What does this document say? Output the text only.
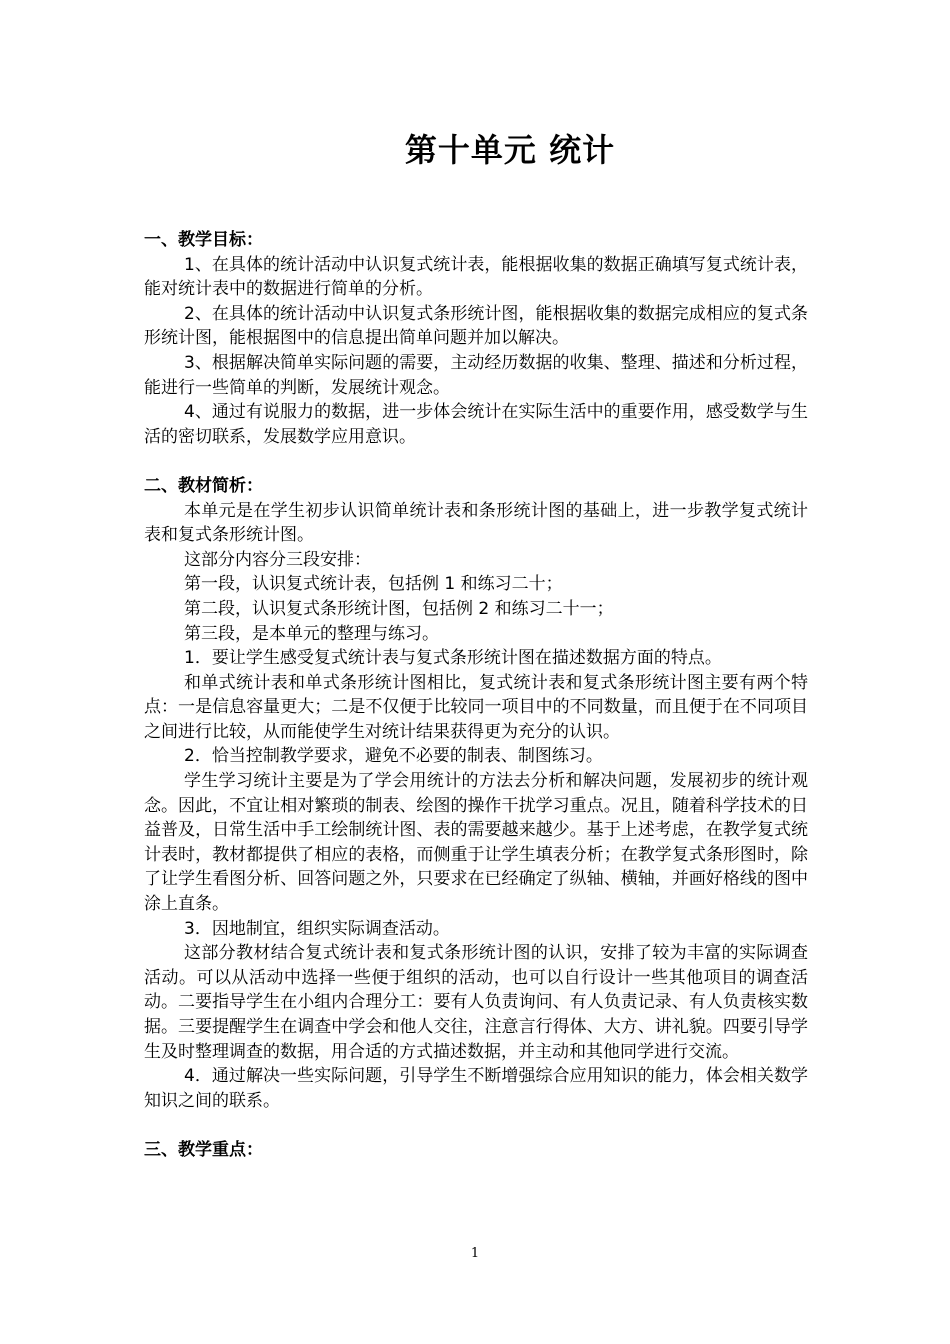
第十单元 统计

一、教学目标：

1、在具体的统计活动中认识复式统计表，能根据收集的数据正确填写复式统计表，能对统计表中的数据进行简单的分析。

2、在具体的统计活动中认识复式条形统计图，能根据收集的数据完成相应的复式条形统计图，能根据图中的信息提出简单问题并加以解决。

3、根据解决简单实际问题的需要，主动经历数据的收集、整理、描述和分析过程，能进行一些简单的判断，发展统计观念。

4、通过有说服力的数据，进一步体会统计在实际生活中的重要作用，感受数学与生活的密切联系，发展数学应用意识。

二、教材简析：

本单元是在学生初步认识简单统计表和条形统计图的基础上，进一步教学复式统计表和复式条形统计图。

这部分内容分三段安排：

第一段，认识复式统计表，包括例 1 和练习二十；

第二段，认识复式条形统计图，包括例 2 和练习二十一；

第三段，是本单元的整理与练习。

1．要让学生感受复式统计表与复式条形统计图在描述数据方面的特点。

和单式统计表和单式条形统计图相比，复式统计表和复式条形统计图主要有两个特点：一是信息容量更大；二是不仅便于比较同一项目中的不同数量，而且便于在不同项目之间进行比较，从而能使学生对统计结果获得更为充分的认识。

2．恰当控制教学要求，避免不必要的制表、制图练习。

学生学习统计主要是为了学会用统计的方法去分析和解决问题，发展初步的统计观念。因此，不宜让相对繁琐的制表、绘图的操作干扰学习重点。况且，随着科学技术的日益普及，日常生活中手工绘制统计图、表的需要越来越少。基于上述考虑，在教学复式统计表时，教材都提供了相应的表格，而侧重于让学生填表分析；在教学复式条形图时，除了让学生看图分析、回答问题之外，只要求在已经确定了纵轴、横轴，并画好格线的图中涂上直条。

3．因地制宜，组织实际调查活动。

这部分教材结合复式统计表和复式条形统计图的认识，安排了较为丰富的实际调查活动。可以从活动中选择一些便于组织的活动，也可以自行设计一些其他项目的调查活动。二要指导学生在小组内合理分工：要有人负责询问、有人负责记录、有人负责核实数据。三要提醒学生在调查中学会和他人交往，注意言行得体、大方、讲礼貌。四要引导学生及时整理调查的数据，用合适的方式描述数据，并主动和其他同学进行交流。

4．通过解决一些实际问题，引导学生不断增强综合应用知识的能力，体会相关数学知识之间的联系。

三、教学重点：

1
